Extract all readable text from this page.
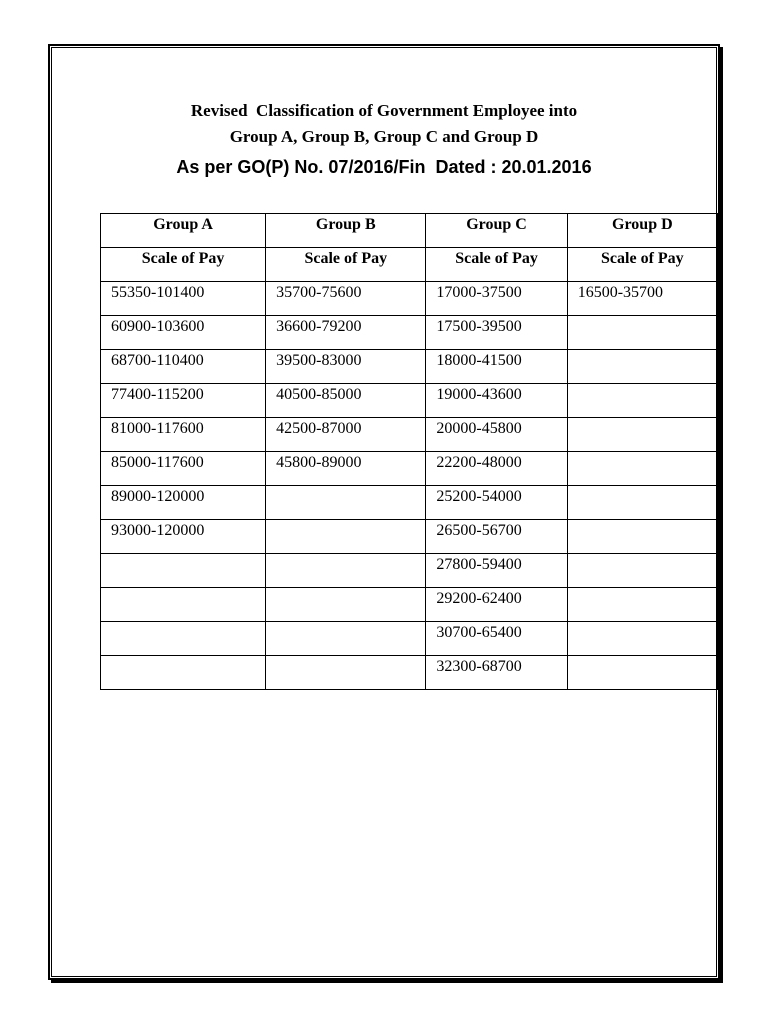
Revised  Classification of Government Employee into
Group A, Group B, Group C and Group D
As per GO(P) No. 07/2016/Fin  Dated : 20.01.2016
Group A	Group B	Group C	Group D
Scale of Pay	Scale of Pay	Scale of Pay	Scale of Pay
55350-101400	35700-75600	17000-37500	16500-35700
60900-103600	36600-79200	17500-39500	
68700-110400	39500-83000	18000-41500	
77400-115200	40500-85000	19000-43600	
81000-117600	42500-87000	20000-45800	
85000-117600	45800-89000	22200-48000	
89000-120000		25200-54000	
93000-120000		26500-56700	
		27800-59400	
		29200-62400	
		30700-65400	
		32300-68700	
